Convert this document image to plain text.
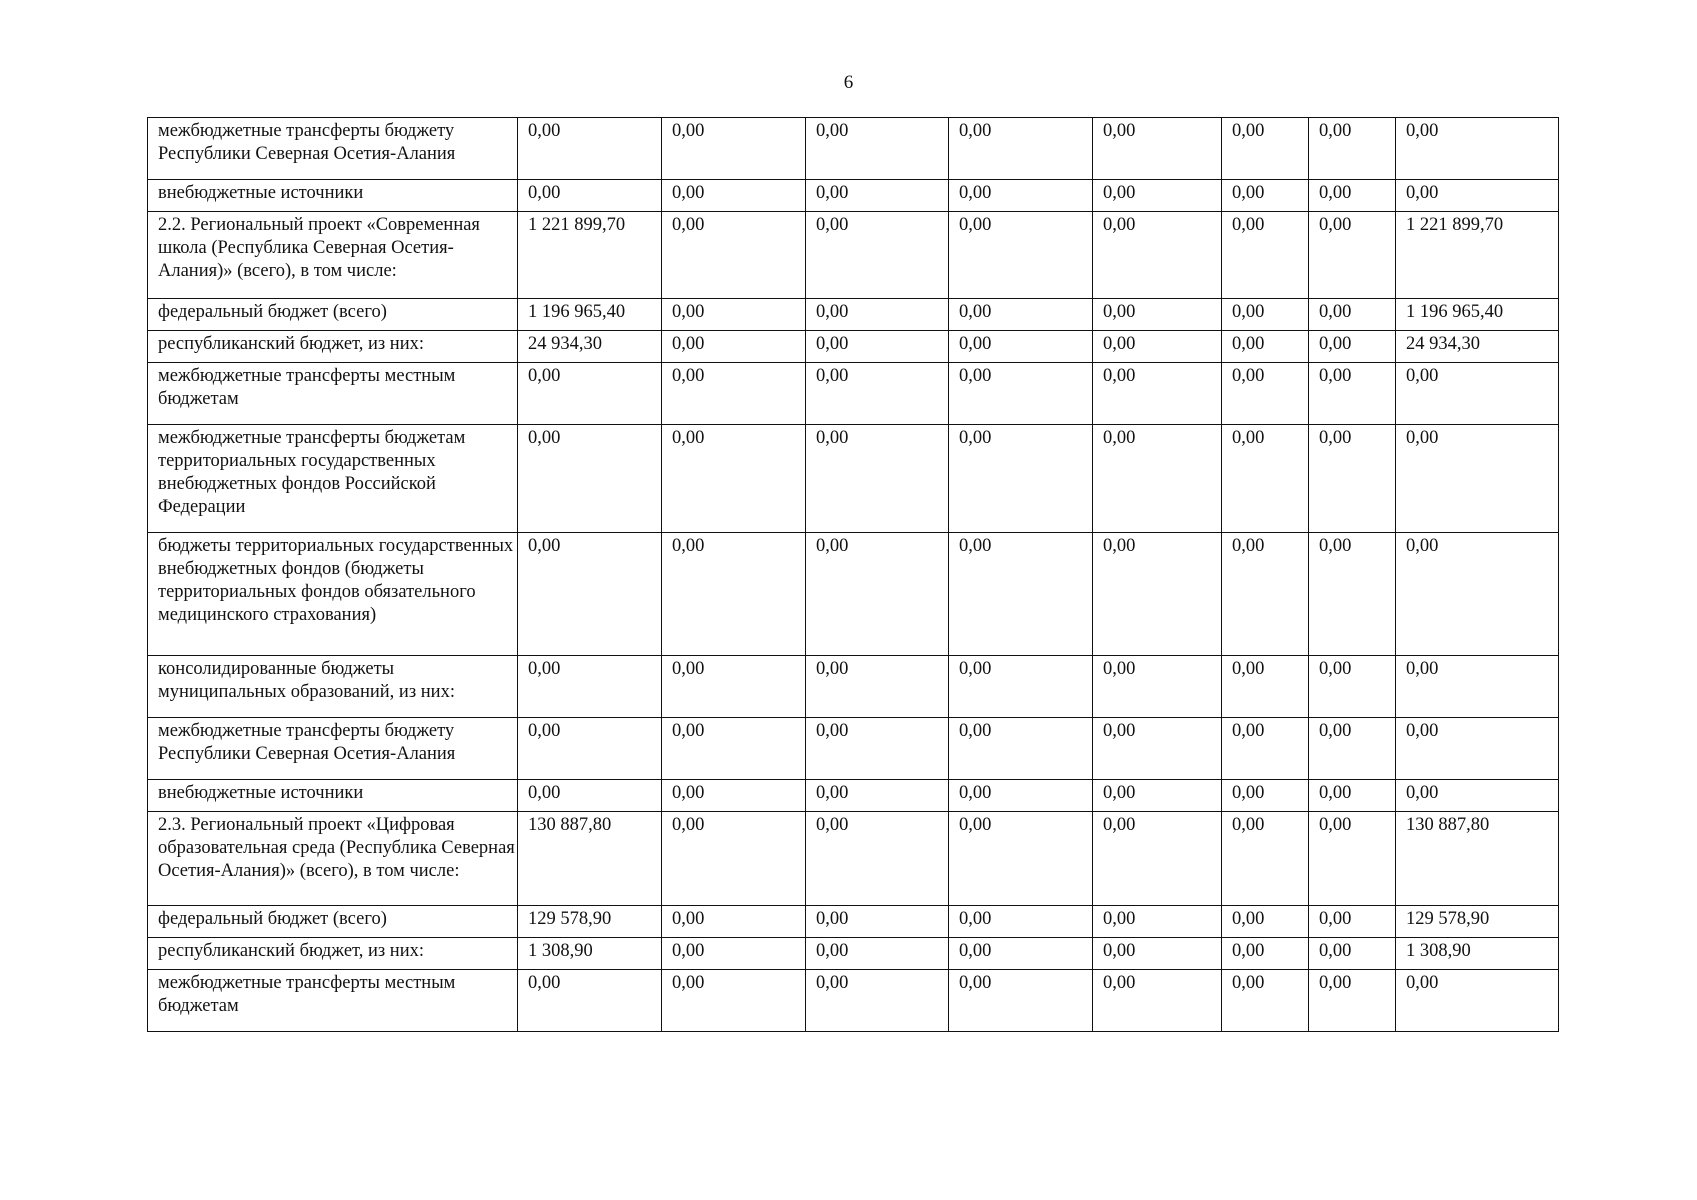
6
межбюджетные трансферты бюджету Республики Северная Осетия-Алания	0,00	0,00	0,00	0,00	0,00	0,00	0,00	0,00
внебюджетные источники	0,00	0,00	0,00	0,00	0,00	0,00	0,00	0,00
2.2. Региональный проект «Современная школа (Республика Северная Осетия-Алания)» (всего), в том числе:	1 221 899,70	0,00	0,00	0,00	0,00	0,00	0,00	1 221 899,70
федеральный бюджет (всего)	1 196 965,40	0,00	0,00	0,00	0,00	0,00	0,00	1 196 965,40
республиканский бюджет, из них:	24 934,30	0,00	0,00	0,00	0,00	0,00	0,00	24 934,30
межбюджетные трансферты местным бюджетам	0,00	0,00	0,00	0,00	0,00	0,00	0,00	0,00
межбюджетные трансферты бюджетам территориальных государственных внебюджетных фондов Российской Федерации	0,00	0,00	0,00	0,00	0,00	0,00	0,00	0,00
бюджеты территориальных государственных внебюджетных фондов (бюджеты территориальных фондов обязательного медицинского страхования)	0,00	0,00	0,00	0,00	0,00	0,00	0,00	0,00
консолидированные бюджеты муниципальных образований, из них:	0,00	0,00	0,00	0,00	0,00	0,00	0,00	0,00
межбюджетные трансферты бюджету Республики Северная Осетия-Алания	0,00	0,00	0,00	0,00	0,00	0,00	0,00	0,00
внебюджетные источники	0,00	0,00	0,00	0,00	0,00	0,00	0,00	0,00
2.3. Региональный проект «Цифровая образовательная среда (Республика Северная Осетия-Алания)» (всего), в том числе:	130 887,80	0,00	0,00	0,00	0,00	0,00	0,00	130 887,80
федеральный бюджет (всего)	129 578,90	0,00	0,00	0,00	0,00	0,00	0,00	129 578,90
республиканский бюджет, из них:	1 308,90	0,00	0,00	0,00	0,00	0,00	0,00	1 308,90
межбюджетные трансферты местным бюджетам	0,00	0,00	0,00	0,00	0,00	0,00	0,00	0,00
